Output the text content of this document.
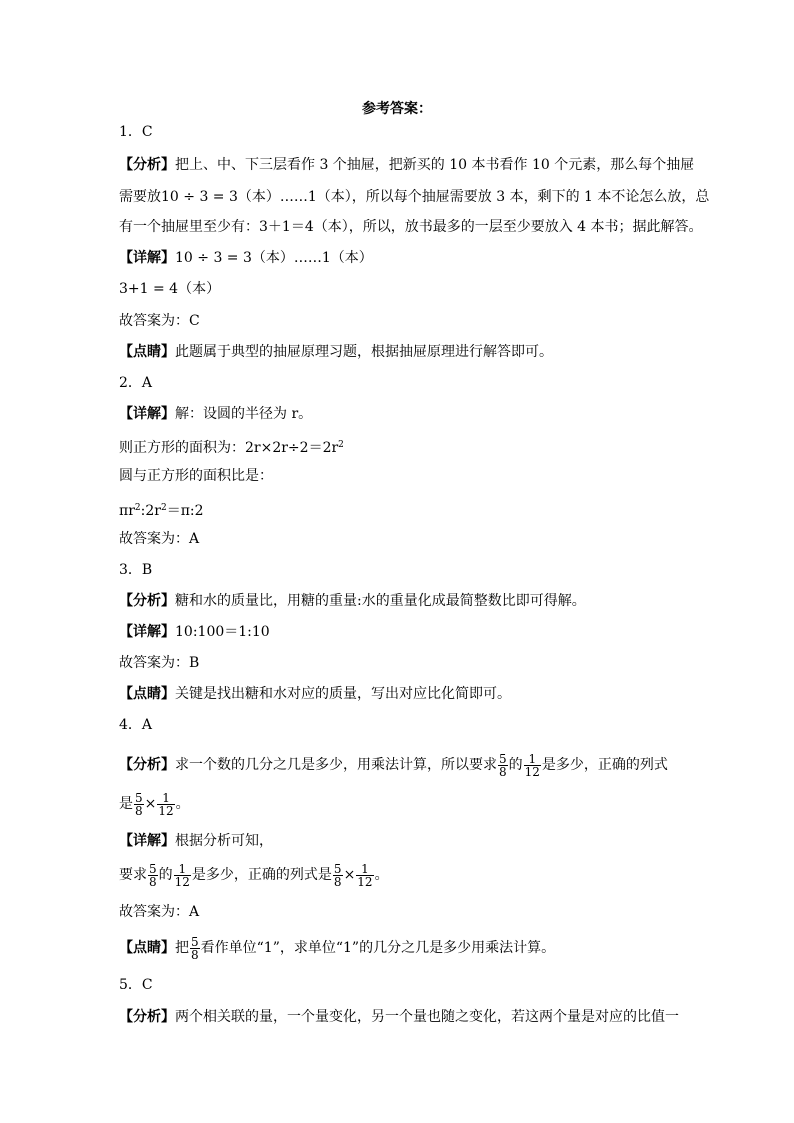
参考答案：
1．C
【分析】把上、中、下三层看作 3 个抽屉，把新买的 10 本书看作 10 个元素，那么每个抽屉
需要放10 ÷ 3 = 3（本）……1（本），所以每个抽屉需要放 3 本，剩下的 1 本不论怎么放，总
有一个抽屉里至少有：3＋1＝4（本），所以，放书最多的一层至少要放入 4 本书；据此解答。
【详解】10 ÷ 3 = 3（本）……1（本）
3+1 = 4（本）
故答案为：C
【点睛】此题属于典型的抽屉原理习题，根据抽屉原理进行解答即可。
2．A
【详解】解：设圆的半径为 r。
则正方形的面积为：$2r\times 2r\div 2=2r^2$
圆与正方形的面积比是：
$\pi r^2:2r^2=\pi:2$
故答案为：A
3．B
【分析】糖和水的质量比，用糖的重量:水的重量化成最简整数比即可得解。
【详解】10:100＝1:10
故答案为：B
【点睛】关键是找出糖和水对应的质量，写出对应比化简即可。
4．A
【分析】求一个数的几分之几是多少，用乘法计算，所以要求 $\frac{5}{8}$ 的 $\frac{1}{12}$ 是多少，正确的列式
是 $\frac{5}{8} \times \frac{1}{12}$ 。
【详解】根据分析可知，
要求 $\frac{5}{8}$ 的 $\frac{1}{12}$ 是多少，正确的列式是 $\frac{5}{8} \times \frac{1}{12}$ 。
故答案为：A
【点睛】把 $\frac{5}{8}$ 看作单位“1”，求单位“1”的几分之几是多少用乘法计算。
5．C
【分析】两个相关联的量，一个量变化，另一个量也随之变化，若这两个量是对应的比值一
